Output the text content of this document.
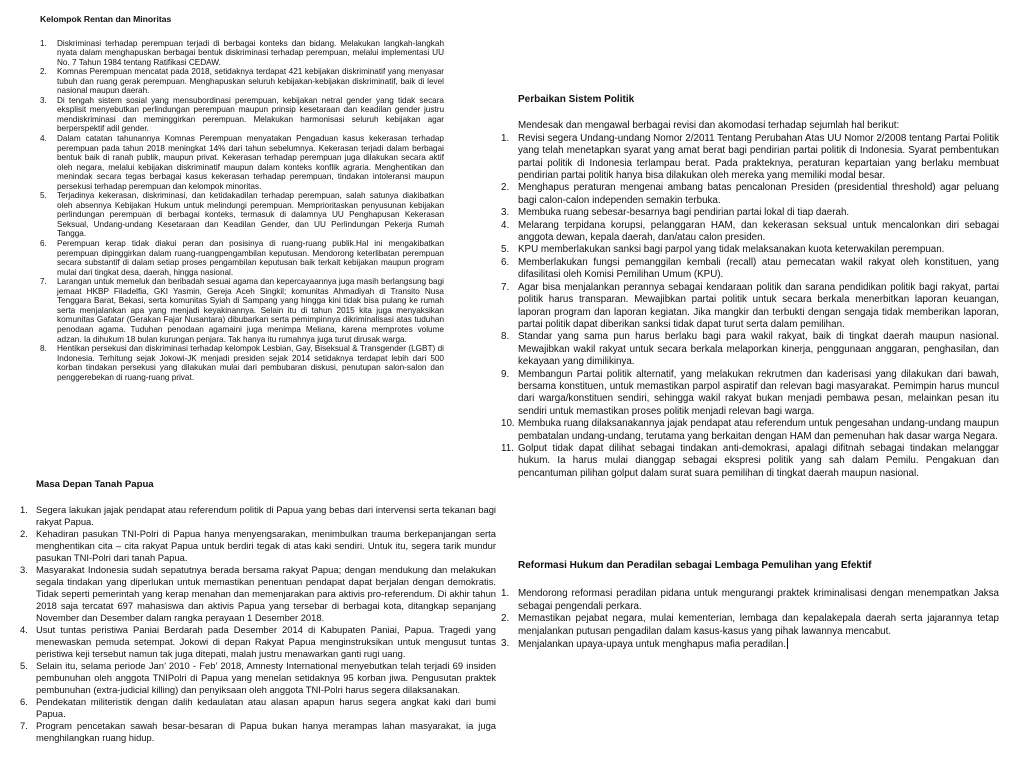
Kelompok Rentan dan Minoritas

1. Diskriminasi terhadap perempuan terjadi di berbagai konteks dan bidang. Melakukan langkah-langkah nyata dalam menghapuskan berbagai bentuk diskriminasi terhadap perempuan, melalui implementasi UU No. 7 Tahun 1984 tentang Ratifikasi CEDAW.
2. Komnas Perempuan mencatat pada 2018, setidaknya terdapat 421 kebijakan diskriminatif yang menyasar tubuh dan ruang gerak perempuan. Menghapuskan seluruh kebijakan-kebijakan diskriminatif, baik di level nasional maupun daerah.
3. Di tengah sistem sosial yang mensubordinasi perempuan, kebijakan netral gender yang tidak secara eksplisit menyebutkan perlindungan perempuan maupun prinsip kesetaraan dan keadilan gender justru mendiskriminasi dan meminggirkan perempuan. Melakukan harmonisasi seluruh kebijakan agar berperspektif adil gender.
4. Dalam catatan tahunannya Komnas Perempuan menyatakan Pengaduan kasus kekerasan terhadap perempuan pada tahun 2018 meningkat 14% dari tahun sebelumnya. Kekerasan terjadi dalam berbagai bentuk baik di ranah publik, maupun privat. Kekerasan terhadap perempuan juga dilakukan secara aktif oleh negara, melalui kebijakan diskriminatif maupun dalam konteks konflik agraria. Menghentikan dan menindak secara tegas berbagai kasus kekerasan terhadap perempuan, tindakan intoleransi maupun persekusi terhadap perempuan dan kelompok minoritas.
5. Terjadinya kekerasan, diskriminasi, dan ketidakadilan terhadap perempuan, salah satunya diakibatkan oleh absennya Kebijakan Hukum untuk melindungi perempuan. Memprioritaskan penyusunan kebijakan perlindungan perempuan di berbagai konteks, termasuk di dalamnya UU Penghapusan Kekerasan Seksual, Undang-undang Kesetaraan dan Keadilan Gender, dan UU Perlindungan Pekerja Rumah Tangga.
6. Perempuan kerap tidak diakui peran dan posisinya di ruang-ruang publik.Hal ini mengakibatkan perempuan dipinggirkan dalam ruang-ruangpengambilan keputusan. Mendorong keterlibatan perempuan secara substantif di dalam setiap proses pengambilan keputusan baik terkait kebijakan maupun program mulai dari tingkat desa, daerah, hingga nasional.
7. Larangan untuk memeluk dan beribadah sesuai agama dan kepercayaannya juga masih berlangsung bagi jemaat HKBP Filadelfia, GKI Yasmin, Gereja Aceh Singkil; komunitas Ahmadiyah di Transito Nusa Tenggara Barat, Bekasi, serta komunitas Syiah di Sampang yang hingga kini tidak bisa pulang ke rumah serta menjalankan apa yang menjadi keyakinannya. Selain itu di tahun 2015 kita juga menyaksikan komunitas Gafatar (Gerakan Fajar Nusantara) dibubarkan serta pemimpinnya dikriminalisasi atas tuduhan penodaan agama. Tuduhan penodaan agamaini juga menimpa Meliana, karena memprotes volume adzan. Ia dihukum 18 bulan kurungan penjara. Tak hanya itu rumahnya juga turut dirusak warga.
8. Hentikan persekusi dan diskriminasi terhadap kelompok Lesbian, Gay, Biseksual & Transgender (LGBT) di Indonesia. Terhitung sejak Jokowi-JK menjadi presiden sejak 2014 setidaknya terdapat lebih dari 500 korban tindakan persekusi yang dilakukan mulai dari pembubaran diskusi, penutupan salon-salon dan penggerebekan di ruang-ruang privat.

Masa Depan Tanah Papua

1. Segera lakukan jajak pendapat atau referendum politik di Papua yang bebas dari intervensi serta tekanan bagi rakyat Papua.
2. Kehadiran pasukan TNI-Polri di Papua hanya menyengsarakan, menimbulkan trauma berkepanjangan serta menghentikan cita – cita rakyat Papua untuk berdiri tegak di atas kaki sendiri. Untuk itu, segera tarik mundur pasukan TNI-Polri dari tanah Papua.
3. Masyarakat Indonesia sudah sepatutnya berada bersama rakyat Papua; dengan mendukung dan melakukan segala tindakan yang diperlukan untuk memastikan penentuan pendapat dapat berjalan dengan demokratis. Tidak seperti pemerintah yang kerap menahan dan memenjarakan para aktivis pro-referendum. Di akhir tahun 2018 saja tercatat 697 mahasiswa dan aktivis Papua yang tersebar di berbagai kota, ditangkap sepanjang November dan Desember dalam rangka perayaan 1 Desember 2018.
4. Usut tuntas peristiwa Paniai Berdarah pada Desember 2014 di Kabupaten Paniai, Papua. Tragedi yang menewaskan pemuda setempat. Jokowi di depan Rakyat Papua menginstruksikan untuk mengusut tuntas peristiwa keji tersebut namun tak juga ditepati, malah justru menawarkan ganti rugi uang.
5. Selain itu, selama periode Jan’ 2010 - Feb’ 2018, Amnesty International menyebutkan telah terjadi 69 insiden pembunuhan oleh anggota TNIPolri di Papua yang menelan setidaknya 95 korban jiwa. Pengusutan praktek pembunuhan (extra-judicial killing) dan penyiksaan oleh anggota TNI-Polri harus segera dilaksanakan.
6. Pendekatan militeristik dengan dalih kedaulatan atau alasan apapun harus segera angkat kaki dari bumi Papua.
7. Program pencetakan sawah besar-besaran di Papua bukan hanya merampas lahan masyarakat, ia juga menghilangkan ruang hidup.

Perbaikan Sistem Politik

Mendesak dan mengawal berbagai revisi dan akomodasi terhadap sejumlah hal berikut:

1. Revisi segera Undang-undang Nomor 2/2011 Tentang Perubahan Atas UU Nomor 2/2008 tentang Partai Politik yang telah menetapkan syarat yang amat berat bagi pendirian partai politik di Indonesia. Syarat pembentukan partai politik di Indonesia terlampau berat. Pada prakteknya, peraturan kepartaian yang berlaku membuat pendirian partai politik hanya bisa dilakukan oleh mereka yang memiliki modal besar.
2. Menghapus peraturan mengenai ambang batas pencalonan Presiden (presidential threshold) agar peluang bagi calon-calon independen semakin terbuka.
3. Membuka ruang sebesar-besarnya bagi pendirian partai lokal di tiap daerah.
4. Melarang terpidana korupsi, pelanggaran HAM, dan kekerasan seksual untuk mencalonkan diri sebagai anggota dewan, kepala daerah, dan/atau calon presiden.
5. KPU memberlakukan sanksi bagi parpol yang tidak melaksanakan kuota keterwakilan perempuan.
6. Memberlakukan fungsi pemanggilan kembali (recall) atau pemecatan wakil rakyat oleh konstituen, yang difasilitasi oleh Komisi Pemilihan Umum (KPU).
7. Agar bisa menjalankan perannya sebagai kendaraan politik dan sarana pendidikan politik bagi rakyat, partai politik harus transparan. Mewajibkan partai politik untuk secara berkala menerbitkan laporan keuangan, laporan program dan laporan kegiatan. Jika mangkir dan terbukti dengan sengaja tidak memberikan laporan, partai politik dapat diberikan sanksi tidak dapat turut serta dalam pemilihan.
8. Standar yang sama pun harus berlaku bagi para wakil rakyat, baik di tingkat daerah maupun nasional. Mewajibkan wakil rakyat untuk secara berkala melaporkan kinerja, penggunaan anggaran, penghasilan, dan kekayaan yang dimilikinya.
9. Membangun Partai politik alternatif, yang melakukan rekrutmen dan kaderisasi yang dilakukan dari bawah, bersama konstituen, untuk memastikan parpol aspiratif dan relevan bagi masyarakat. Pemimpin harus muncul dari warga/konstituen sendiri, sehingga wakil rakyat bukan menjadi pembawa pesan, melainkan pesan itu sendiri untuk memastikan proses politik menjadi relevan bagi warga.
10. Membuka ruang dilaksanakannya jajak pendapat atau referendum untuk pengesahan undang-undang maupun pembatalan undang-undang, terutama yang berkaitan dengan HAM dan pemenuhan hak dasar warga Negara.
11. Golput tidak dapat dilihat sebagai tindakan anti-demokrasi, apalagi difitnah sebagai tindakan melanggar hukum. Ia harus mulai dianggap sebagai ekspresi politik yang sah dalam Pemilu. Pengakuan dan pencantuman pilihan golput dalam surat suara pemilihan di tingkat daerah maupun nasional.

Reformasi Hukum dan Peradilan sebagai Lembaga Pemulihan yang Efektif

1. Mendorong reformasi peradilan pidana untuk mengurangi praktek kriminalisasi dengan menempatkan Jaksa sebagai pengendali perkara.
2. Memastikan pejabat negara, mulai kementerian, lembaga dan kepalakepala daerah serta jajarannya tetap menjalankan putusan pengadilan dalam kasus-kasus yang pihak lawannya mencabut.
3. Menjalankan upaya-upaya untuk menghapus mafia peradilan.
